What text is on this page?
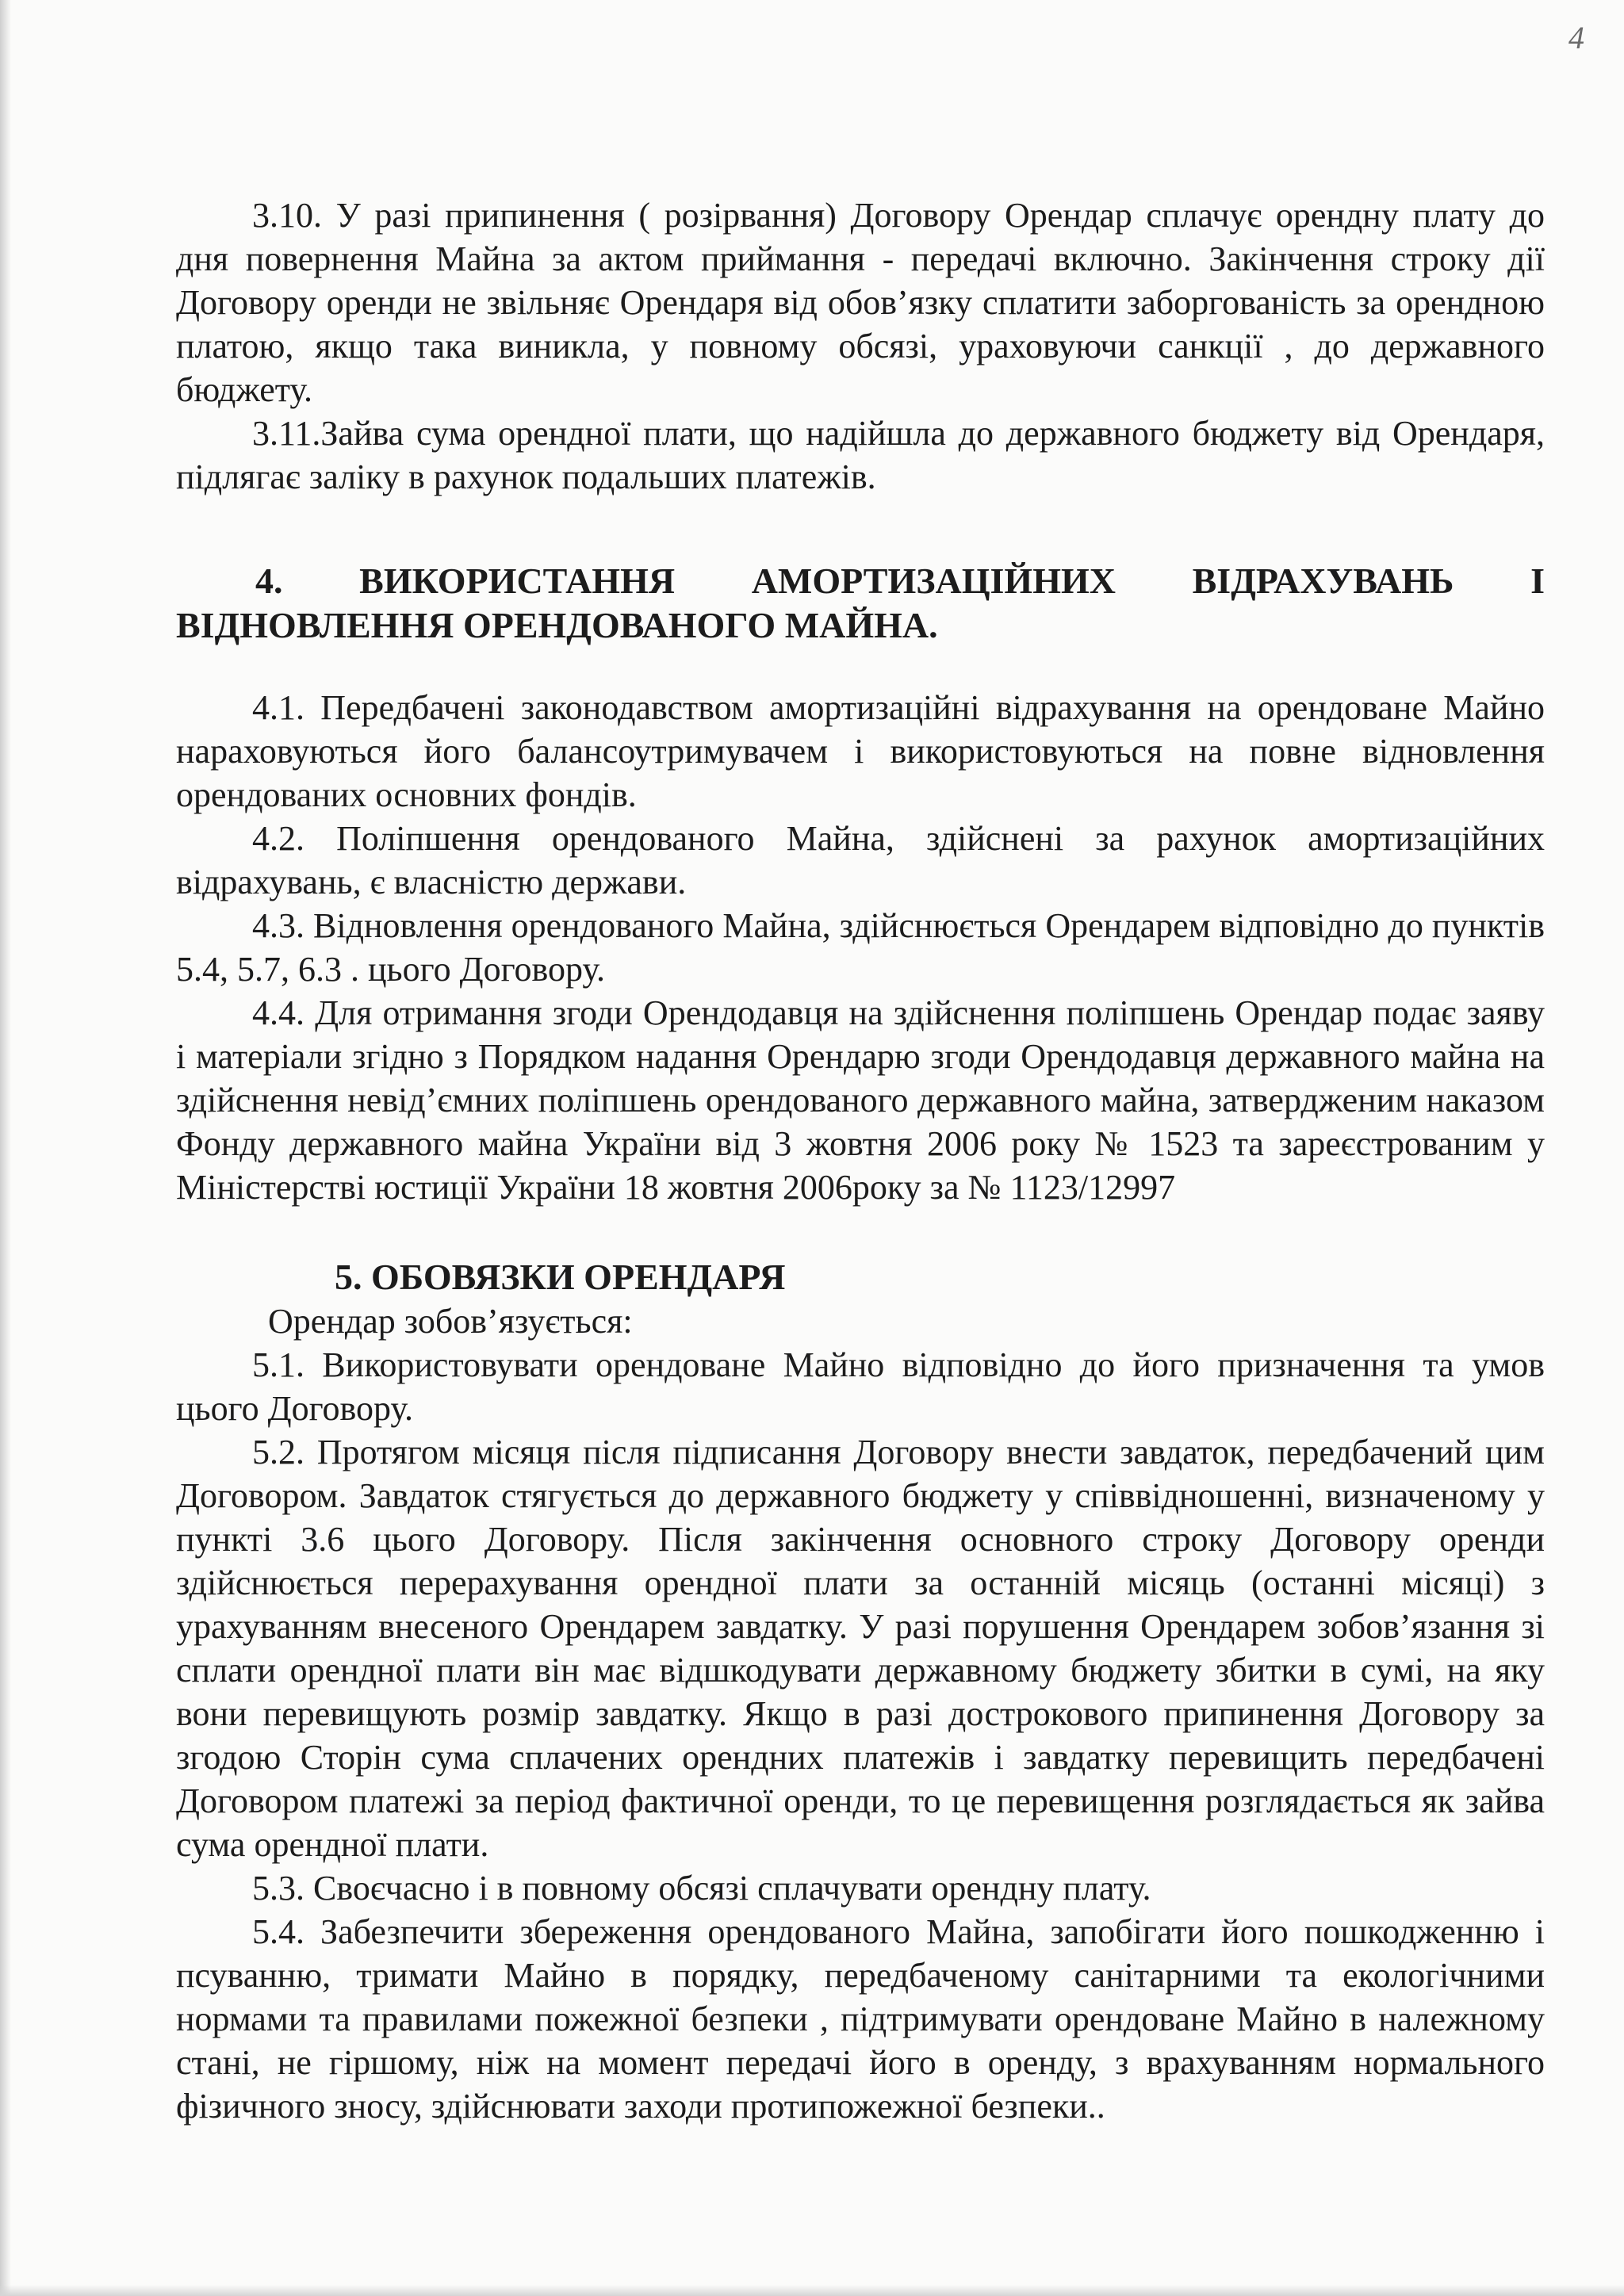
4

3.10. У разі припинення ( розірвання) Договору Орендар сплачує орендну плату до дня повернення Майна за актом приймання - передачі включно. Закінчення строку дії Договору оренди не звільняє Орендаря від обов’язку сплатити заборгованість за орендною платою, якщо така виникла, у повному обсязі, ураховуючи санкції , до державного бюджету.

3.11.Зайва сума орендної плати, що надійшла до державного бюджету від Орендаря, підлягає заліку в рахунок подальших платежів.

4. ВИКОРИСТАННЯ АМОРТИЗАЦІЙНИХ ВІДРАХУВАНЬ І ВІДНОВЛЕННЯ ОРЕНДОВАНОГО МАЙНА.

4.1. Передбачені законодавством амортизаційні відрахування на орендоване Майно нараховуються його балансоутримувачем і використовуються на повне відновлення орендованих основних фондів.

4.2. Поліпшення орендованого Майна, здійснені за рахунок амортизаційних відрахувань, є власністю держави.

4.3. Відновлення орендованого Майна, здійснюється Орендарем відповідно до пунктів 5.4, 5.7, 6.3 . цього Договору.

4.4. Для отримання згоди Орендодавця на здійснення поліпшень Орендар подає заяву і матеріали згідно з Порядком надання Орендарю згоди Орендодавця державного майна на здійснення невід’ємних поліпшень орендованого державного майна, затвердженим наказом Фонду державного майна України від 3 жовтня 2006 року № 1523 та зареєстрованим у Міністерстві юстиції України 18 жовтня 2006року за № 1123/12997

5. ОБОВЯЗКИ ОРЕНДАРЯ

Орендар зобов’язується:

5.1. Використовувати орендоване Майно відповідно до його призначення та умов цього Договору.

5.2. Протягом місяця після підписання Договору внести завдаток, передбачений цим Договором. Завдаток стягується до державного бюджету у співвідношенні, визначеному у пункті 3.6 цього Договору. Після закінчення основного строку Договору оренди здійснюється перерахування орендної плати за останній місяць (останні місяці) з урахуванням внесеного Орендарем завдатку. У разі порушення Орендарем зобов’язання зі сплати орендної плати він має відшкодувати державному бюджету збитки в сумі, на яку вони перевищують розмір завдатку. Якщо в разі дострокового припинення Договору за згодою Сторін сума сплачених орендних платежів і завдатку перевищить передбачені Договором платежі за період фактичної оренди, то це перевищення розглядається як зайва сума орендної плати.

5.3. Своєчасно і в повному обсязі сплачувати орендну плату.

5.4. Забезпечити збереження орендованого Майна, запобігати його пошкодженню і псуванню, тримати Майно в порядку, передбаченому санітарними та екологічними нормами та правилами пожежної безпеки , підтримувати орендоване Майно в належному стані, не гіршому, ніж на момент передачі його в оренду, з врахуванням нормального фізичного зносу, здійснювати заходи протипожежної безпеки..
